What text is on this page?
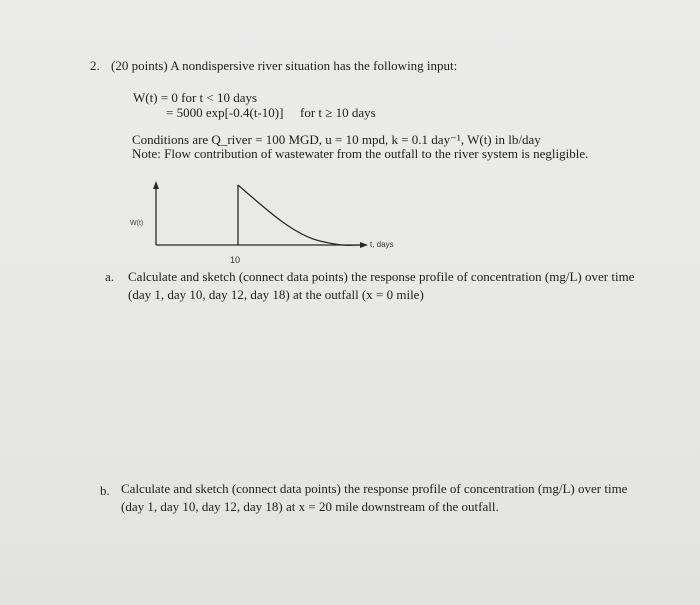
2. (20 points) A nondispersive river situation has the following input:
W(t) = 0 for t < 10 days
= 5000 exp[-0.4(t-10)] for t ≥ 10 days
Conditions are Q_river = 100 MGD, u = 10 mpd, k = 0.1 day⁻¹, W(t) in lb/day
Note: Flow contribution of wastewater from the outfall to the river system is negligible.
W(t)
t, days
10
a. Calculate and sketch (connect data points) the response profile of concentration (mg/L) over time
(day 1, day 10, day 12, day 18) at the outfall (x = 0 mile)
b. Calculate and sketch (connect data points) the response profile of concentration (mg/L) over time
(day 1, day 10, day 12, day 18) at x = 20 mile downstream of the outfall.
